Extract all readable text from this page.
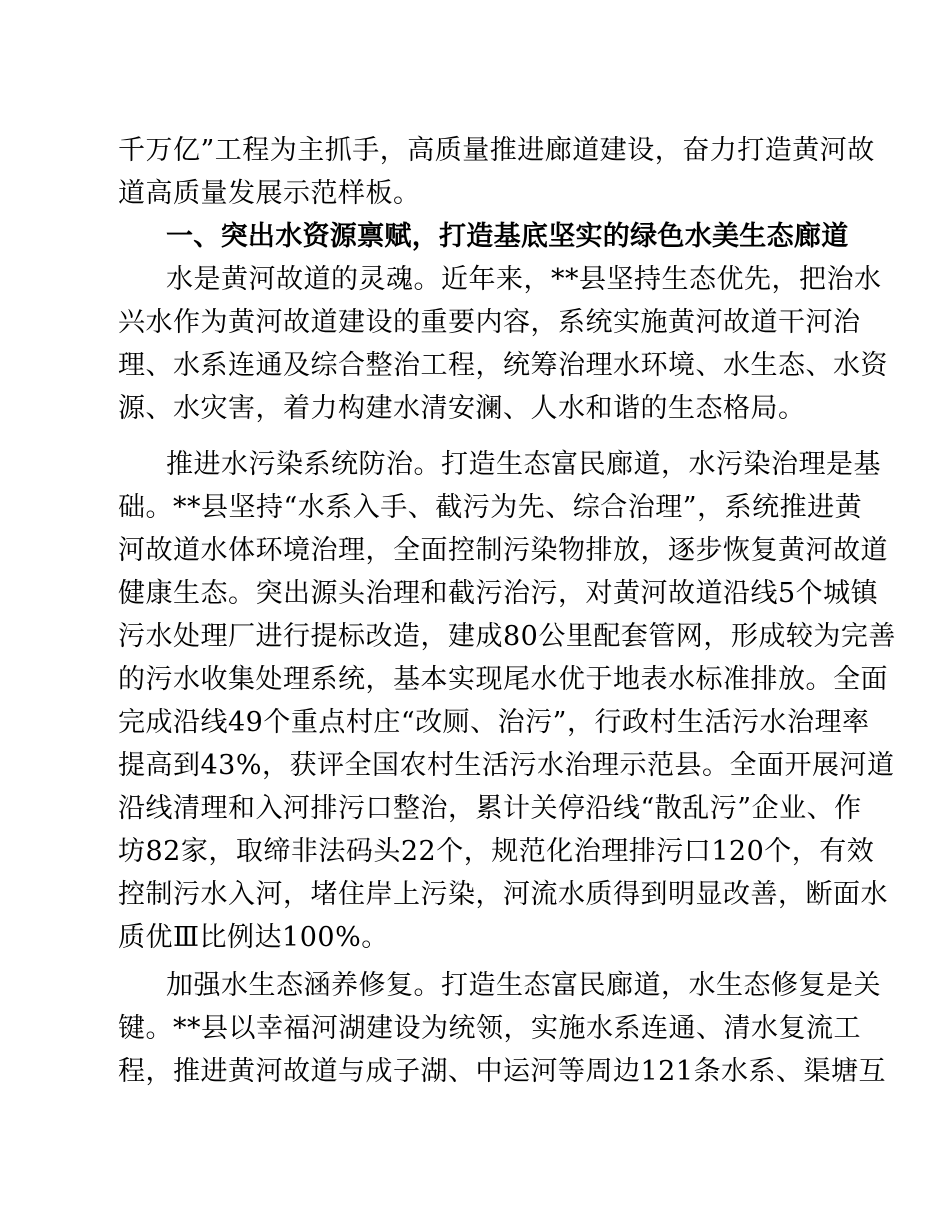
千万亿”工程为主抓手，高质量推进廊道建设，奋力打造黄河故
道高质量发展示范样板。
一、突出水资源禀赋，打造基底坚实的绿色水美生态廊道
水是黄河故道的灵魂。近年来，**县坚持生态优先，把治水
兴水作为黄河故道建设的重要内容，系统实施黄河故道干河治
理、水系连通及综合整治工程，统筹治理水环境、水生态、水资
源、水灾害，着力构建水清安澜、人水和谐的生态格局。
推进水污染系统防治。打造生态富民廊道，水污染治理是基
础。**县坚持“水系入手、截污为先、综合治理”，系统推进黄
河故道水体环境治理，全面控制污染物排放，逐步恢复黄河故道
健康生态。突出源头治理和截污治污，对黄河故道沿线5个城镇
污水处理厂进行提标改造，建成80公里配套管网，形成较为完善
的污水收集处理系统，基本实现尾水优于地表水标准排放。全面
完成沿线49个重点村庄“改厕、治污”，行政村生活污水治理率
提高到43%，获评全国农村生活污水治理示范县。全面开展河道
沿线清理和入河排污口整治，累计关停沿线“散乱污”企业、作
坊82家，取缔非法码头22个，规范化治理排污口120个，有效
控制污水入河，堵住岸上污染，河流水质得到明显改善，断面水
质优Ⅲ比例达100%。
加强水生态涵养修复。打造生态富民廊道，水生态修复是关
键。**县以幸福河湖建设为统领，实施水系连通、清水复流工
程，推进黄河故道与成子湖、中运河等周边121条水系、渠塘互
